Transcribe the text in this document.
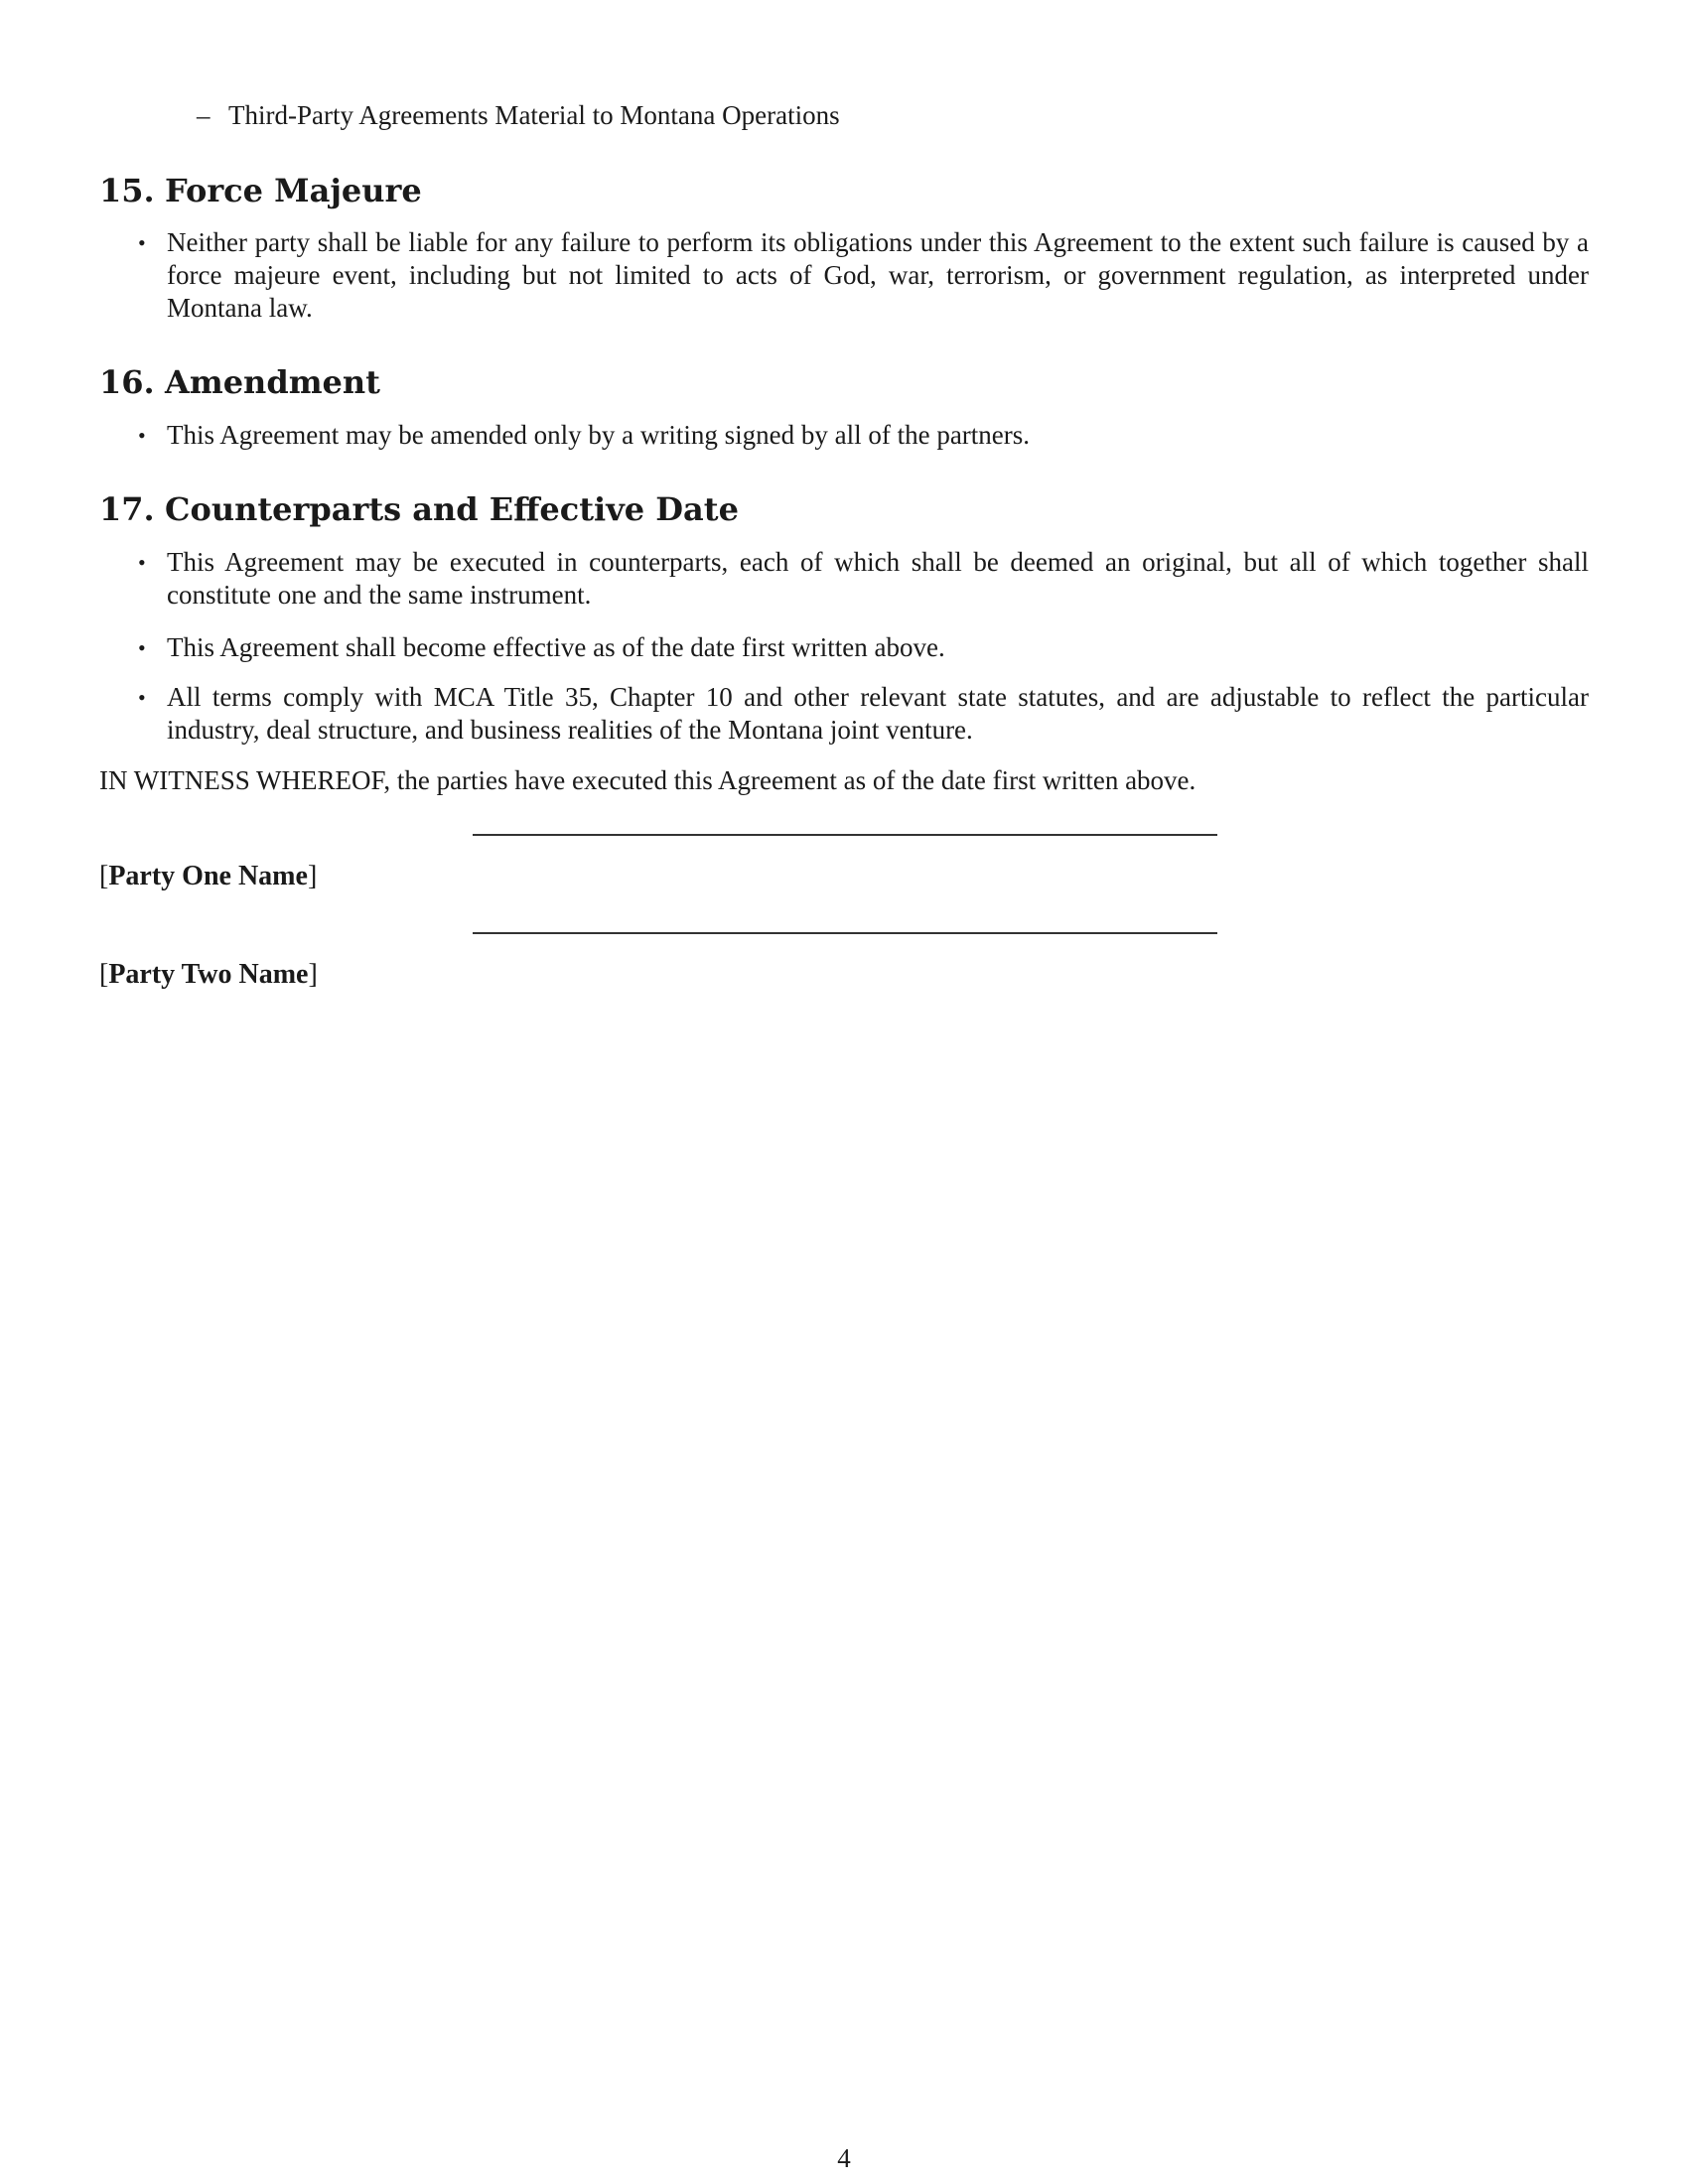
– Third-Party Agreements Material to Montana Operations
15. Force Majeure
• Neither party shall be liable for any failure to perform its obligations under this Agreement to the extent such failure is caused by a force majeure event, including but not limited to acts of God, war, terrorism, or government regulation, as interpreted under Montana law.
16. Amendment
• This Agreement may be amended only by a writing signed by all of the partners.
17. Counterparts and Effective Date
• This Agreement may be executed in counterparts, each of which shall be deemed an original, but all of which together shall constitute one and the same instrument.
• This Agreement shall become effective as of the date first written above.
• All terms comply with MCA Title 35, Chapter 10 and other relevant state statutes, and are adjustable to reflect the particular industry, deal structure, and business realities of the Montana joint venture.
IN WITNESS WHEREOF, the parties have executed this Agreement as of the date first written above.
[Party One Name]
[Party Two Name]
4
